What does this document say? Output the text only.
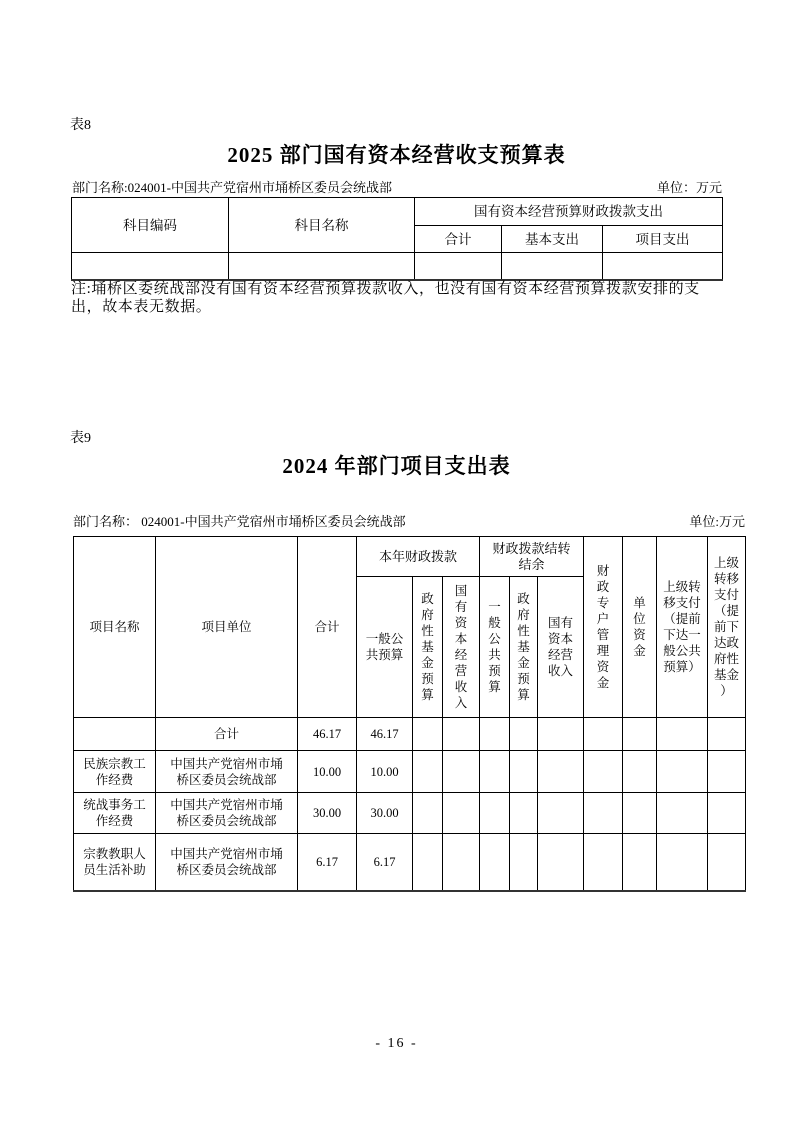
表8
2025 部门国有资本经营收支预算表
部门名称:024001-中国共产党宿州市埇桥区委员会统战部	单位：万元
科目编码	科目名称	国有资本经营预算财政拨款支出		
		合计	基本支出	项目支出

注:埇桥区委统战部没有国有资本经营预算拨款收入，也没有国有资本经营预算拨款安排的支出，故本表无数据。
表9
2024 年部门项目支出表
部门名称： 024001-中国共产党宿州市埇桥区委员会统战部	单位:万元
项目名称	项目单位	合计	本年财政拨款			财政拨款结转结余			财政专户管理资金	单位资金	上级转移支付（提前下达一般公共预算）	上级转移支付（提前下达政府性基金）
			一般公共预算	政府性基金预算	国有资本经营收入	一般公共预算	政府性基金预算	国有资本经营收入				
	合计	46.17	46.17									
民族宗教工作经费	中国共产党宿州市埇桥区委员会统战部	10.00	10.00									
统战事务工作经费	中国共产党宿州市埇桥区委员会统战部	30.00	30.00									
宗教教职人员生活补助	中国共产党宿州市埇桥区委员会统战部	6.17	6.17									
- 16 -
